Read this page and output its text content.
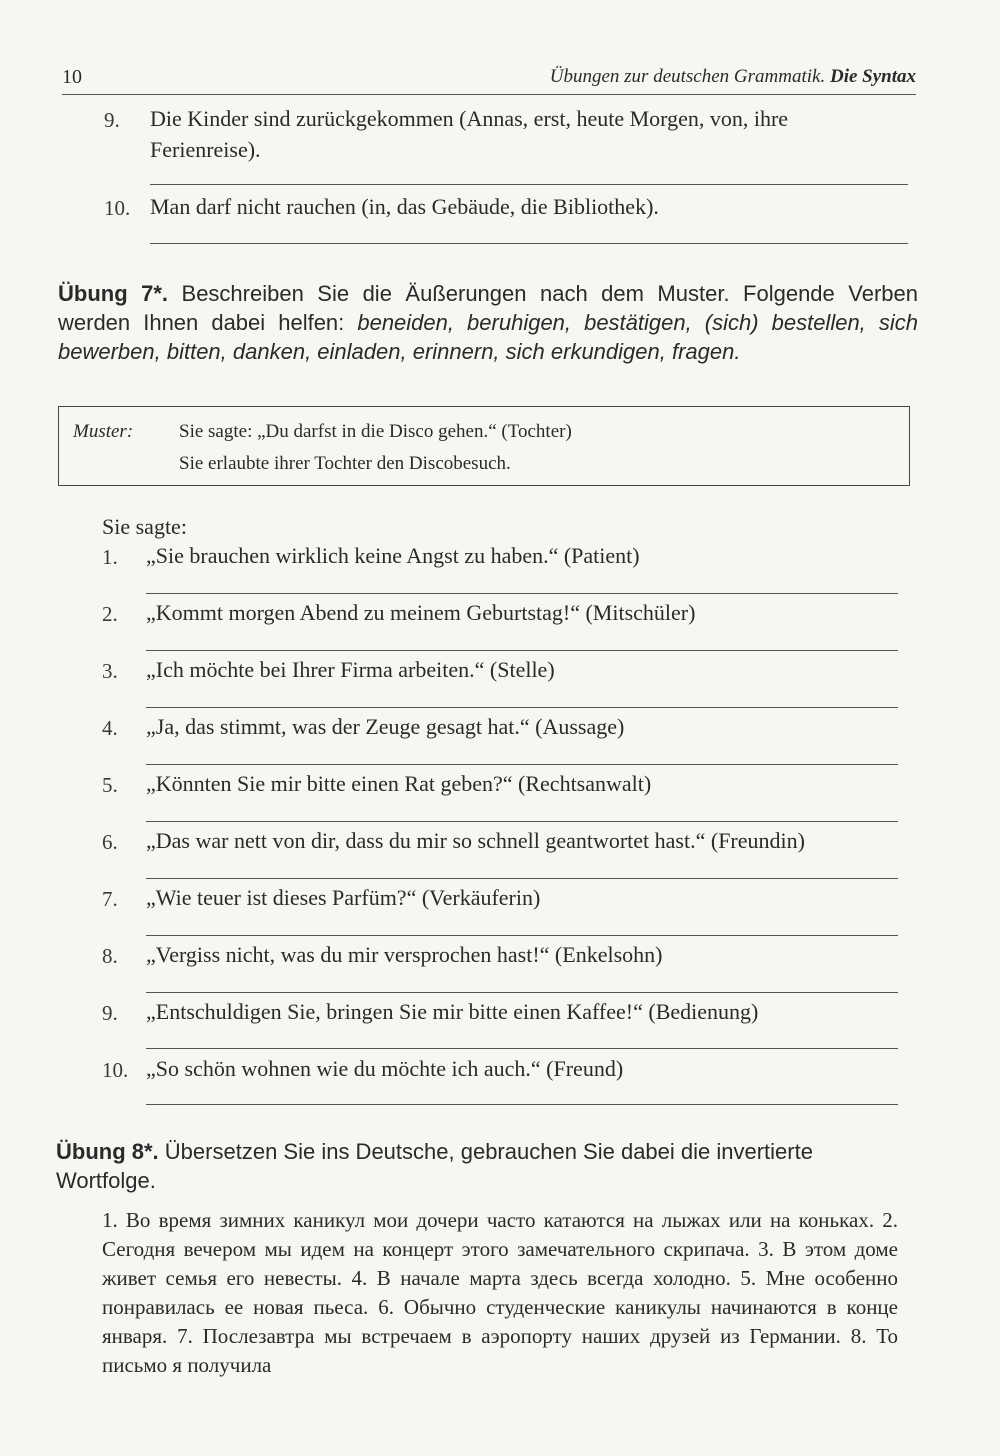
10	Übungen zur deutschen Grammatik. Die Syntax
9. Die Kinder sind zurückgekommen (Annas, erst, heute Morgen, von, ihre
Ferienreise).
10. Man darf nicht rauchen (in, das Gebäude, die Bibliothek).
Übung 7*. Beschreiben Sie die Äußerungen nach dem Muster. Folgende Verben werden Ihnen dabei helfen: beneiden, beruhigen, bestätigen, (sich) bestellen, sich bewerben, bitten, danken, einladen, erinnern, sich erkundigen, fragen.
Muster: Sie sagte: „Du darfst in die Disco gehen.“ (Tochter)
Sie erlaubte ihrer Tochter den Discobesuch.
Sie sagte:
1. „Sie brauchen wirklich keine Angst zu haben.“ (Patient)
2. „Kommt morgen Abend zu meinem Geburtstag!“ (Mitschüler)
3. „Ich möchte bei Ihrer Firma arbeiten.“ (Stelle)
4. „Ja, das stimmt, was der Zeuge gesagt hat.“ (Aussage)
5. „Könnten Sie mir bitte einen Rat geben?“ (Rechtsanwalt)
6. „Das war nett von dir, dass du mir so schnell geantwortet hast.“ (Freundin)
7. „Wie teuer ist dieses Parfüm?“ (Verkäuferin)
8. „Vergiss nicht, was du mir versprochen hast!“ (Enkelsohn)
9. „Entschuldigen Sie, bringen Sie mir bitte einen Kaffee!“ (Bedienung)
10. „So schön wohnen wie du möchte ich auch.“ (Freund)
Übung 8*. Übersetzen Sie ins Deutsche, gebrauchen Sie dabei die invertierte Wortfolge.
1. Во время зимних каникул мои дочери часто катаются на лыжах или на коньках. 2. Сегодня вечером мы идем на концерт этого замечательного скрипача. 3. В этом доме живет семья его невесты. 4. В начале марта здесь всегда холодно. 5. Мне особенно понравилась ее новая пьеса. 6. Обычно студенческие каникулы начинаются в конце января. 7. Послезавтра мы встречаем в аэропорту наших друзей из Германии. 8. То письмо я получила
